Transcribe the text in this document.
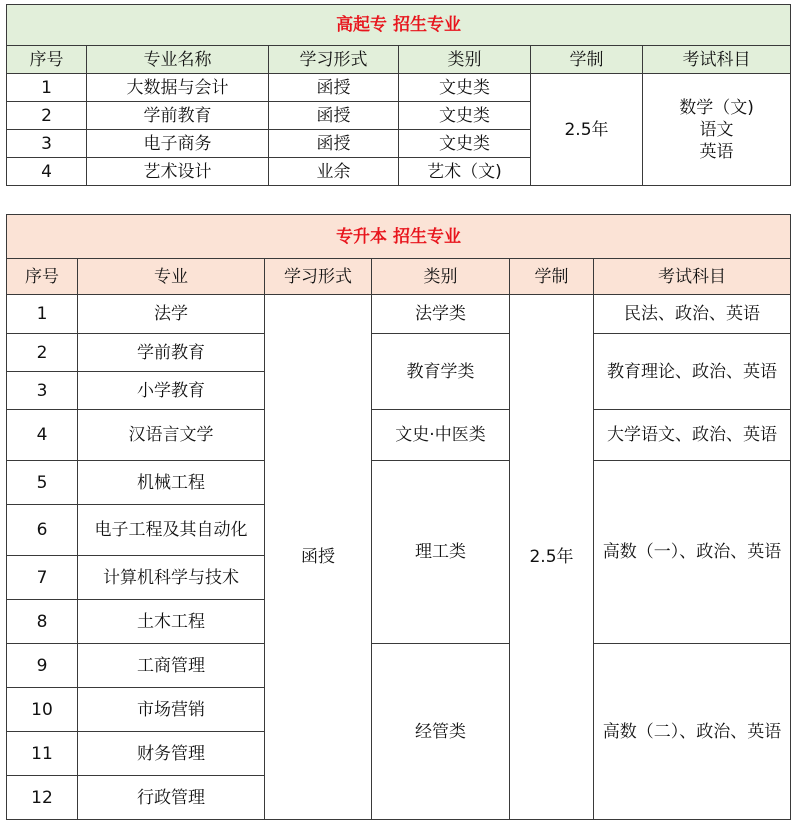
高起专 招生专业					
序号	专业名称	学习形式	类别	学制	考试科目
1	大数据与会计	函授	文史类	2.5年	数学（文)
语文
英语

2	学前教育	函授	文史类		
3	电子商务	函授	文史类		
4	艺术设计	业余	艺术（文)		
专升本 招生专业					
序号	专业	学习形式	类别	学制	考试科目
1	法学	函授	法学类	2.5年	民法、政治、英语
2	学前教育		教育学类		教育理论、政治、英语
3	小学教育				
4	汉语言文学		文史·中医类		大学语文、政治、英语
5	机械工程		理工类		高数（一）、政治、英语
6	电子工程及其自动化				
7	计算机科学与技术				
8	土木工程				
9	工商管理		经管类		高数（二）、政治、英语
10	市场营销				
11	财务管理				
12	行政管理				
